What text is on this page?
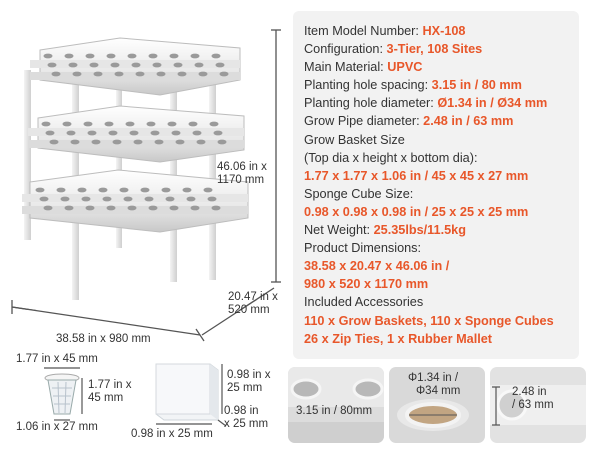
46.06 in x
1170 mm
20.47 in x
520 mm
38.58 in x 980 mm
1.77 in x 45 mm
1.77 in x
45 mm
1.06 in x 27 mm
0.98 in x
25 mm
0.98 in
x 25 mm
0.98 in x 25 mm
Item Model Number: HX-108
Configuration: 3-Tier, 108 Sites
Main Material: UPVC
Planting hole spacing: 3.15 in / 80 mm
Planting hole diameter: Ø1.34 in / Ø34 mm
Grow Pipe diameter: 2.48 in / 63 mm
Grow Basket Size
(Top dia x height x bottom dia):
1.77 x 1.77 x 1.06 in / 45 x 45 x 27 mm
Sponge Cube Size:
0.98 x 0.98 x 0.98 in / 25 x 25 x 25 mm
Net Weight: 25.35lbs/11.5kg
Product Dimensions:
38.58 x 20.47 x 46.06 in /
980 x 520 x 1170 mm
Included Accessories
110 x Grow Baskets, 110 x Sponge Cubes
26 x Zip Ties, 1 x Rubber Mallet
3.15 in / 80mm
Φ1.34 in /
Φ34 mm	2.48 in
/ 63 mm
